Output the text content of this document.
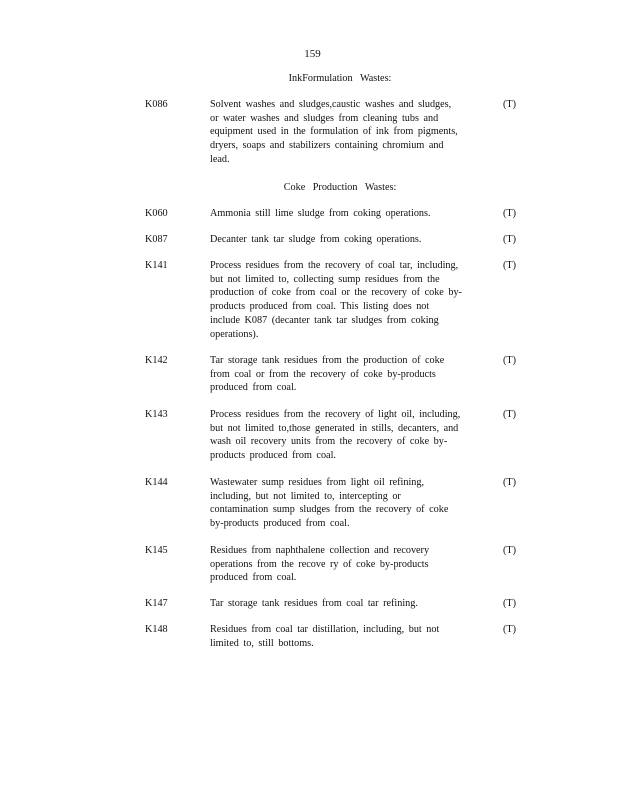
159
InkFormulation Wastes:
K086	Solvent washes and sludges,caustic washes and sludges,
or water washes and sludges from cleaning tubs and
equipment used in the formulation of ink from pigments,
dryers, soaps and stabilizers containing chromium and
lead.
(T)
Coke Production Wastes:
K060	Ammonia still lime sludge from coking operations.	(T)
K087	Decanter tank tar sludge from coking operations.	(T)
K141	Process residues from the recovery of coal tar, including,
but not limited to, collecting sump residues from the
production of coke from coal or the recovery of coke by-
products produced from coal. This listing does not
include K087 (decanter tank tar sludges from coking
operations).
(T)
K142	Tar storage tank residues from the production of coke
from coal or from the recovery of coke by-products
produced from coal.
(T)
K143	Process residues from the recovery of light oil, including,
but not limited to,those generated in stills, decanters, and
wash oil recovery units from the recovery of coke by-
products produced from coal.
(T)
K144	Wastewater sump residues from light oil refining,
including, but not limited to, intercepting or
contamination sump sludges from the recovery of coke
by-products produced from coal.
(T)
K145	Residues from naphthalene collection and recovery
operations from the recove ry of coke by-products
produced from coal.
(T)
K147	Tar storage tank residues from coal tar refining.	(T)
K148	Residues from coal tar distillation, including, but not
limited to, still bottoms.
(T)
